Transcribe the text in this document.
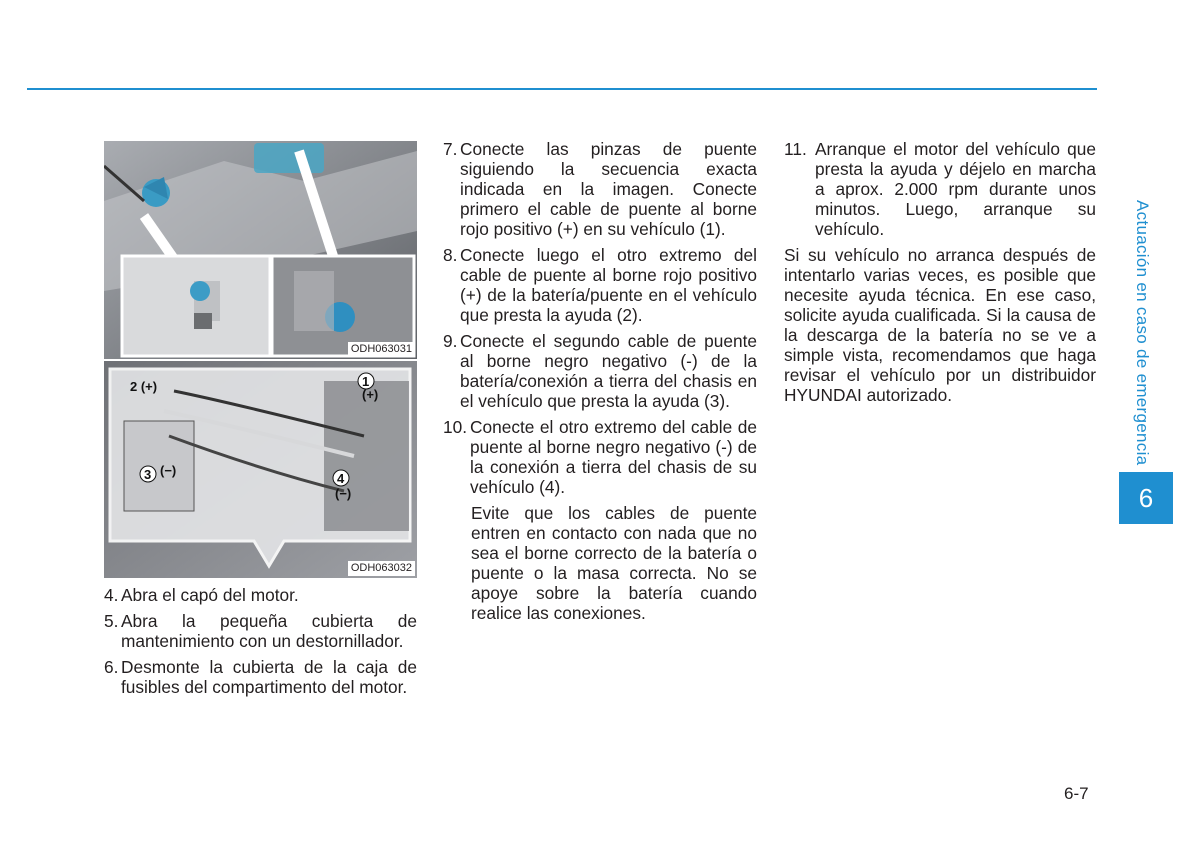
Actuación en caso de emergencia
6
ODH063031
1
(+)
2 (+)
3 (−)
4
(−)
ODH063032
4. Abra el capó del motor.
5. Abra la pequeña cubierta de mantenimiento con un destornillador.
6. Desmonte la cubierta de la caja de fusibles del compartimento del motor.
7. Conecte las pinzas de puente siguiendo la secuencia exacta indicada en la imagen. Conecte primero el cable de puente al borne rojo positivo (+) en su vehículo (1).
8. Conecte luego el otro extremo del cable de puente al borne rojo positivo (+) de la batería/puente en el vehículo que presta la ayuda (2).
9. Conecte el segundo cable de puente al borne negro negativo (-) de la batería/conexión a tierra del chasis en el vehículo que presta la ayuda (3).
10. Conecte el otro extremo del cable de puente al borne negro negativo (-) de la conexión a tierra del chasis de su vehículo (4).
Evite que los cables de puente entren en contacto con nada que no sea el borne correcto de la batería o puente o la masa correcta. No se apoye sobre la batería cuando realice las conexiones.
11. Arranque el motor del vehículo que presta la ayuda y déjelo en marcha a aprox. 2.000 rpm durante unos minutos. Luego, arranque su vehículo.
Si su vehículo no arranca después de intentarlo varias veces, es posible que necesite ayuda técnica. En ese caso, solicite ayuda cualificada. Si la causa de la descarga de la batería no se ve a simple vista, recomendamos que haga revisar el vehículo por un distribuidor HYUNDAI autorizado.
6-7
